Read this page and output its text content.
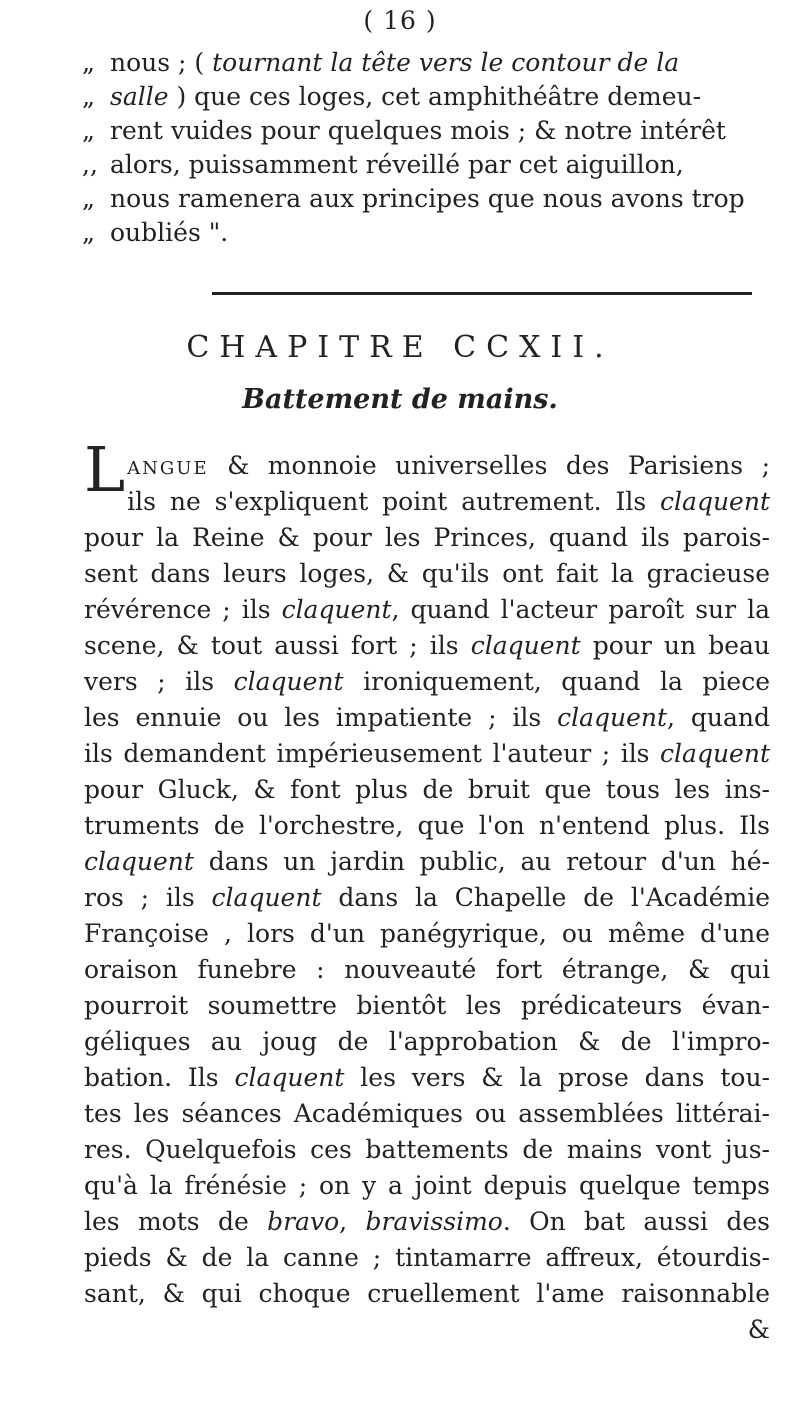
( 16 )
„ nous ; ( tournant la tête vers le contour de la
„ salle ) que ces loges, cet amphithéâtre demeu-
„ rent vuides pour quelques mois ; & notre intérêt
,, alors, puissamment réveillé par cet aiguillon,
„ nous ramenera aux principes que nous avons trop
„ oubliés ".
CHAPITRE CCXII.
Battement de mains.
Langue & monnoie universelles des Parisiens ;
ils ne s'expliquent point autrement. Ils claquent
pour la Reine & pour les Princes, quand ils parois-
sent dans leurs loges, & qu'ils ont fait la gracieuse
révérence ; ils claquent, quand l'acteur paroît sur la
scene, & tout aussi fort ; ils claquent pour un beau
vers ; ils claquent ironiquement, quand la piece
les ennuie ou les impatiente ; ils claquent, quand
ils demandent impérieusement l'auteur ; ils claquent
pour Gluck, & font plus de bruit que tous les ins-
truments de l'orchestre, que l'on n'entend plus. Ils
claquent dans un jardin public, au retour d'un hé-
ros ; ils claquent dans la Chapelle de l'Académie
Françoise , lors d'un panégyrique, ou même d'une
oraison funebre : nouveauté fort étrange, & qui
pourroit soumettre bientôt les prédicateurs évan-
géliques au joug de l'approbation & de l'impro-
bation. Ils claquent les vers & la prose dans tou-
tes les séances Académiques ou assemblées littérai-
res. Quelquefois ces battements de mains vont jus-
qu'à la frénésie ; on y a joint depuis quelque temps
les mots de bravo, bravissimo. On bat aussi des
pieds & de la canne ; tintamarre affreux, étourdis-
sant, & qui choque cruellement l'ame raisonnable
&
